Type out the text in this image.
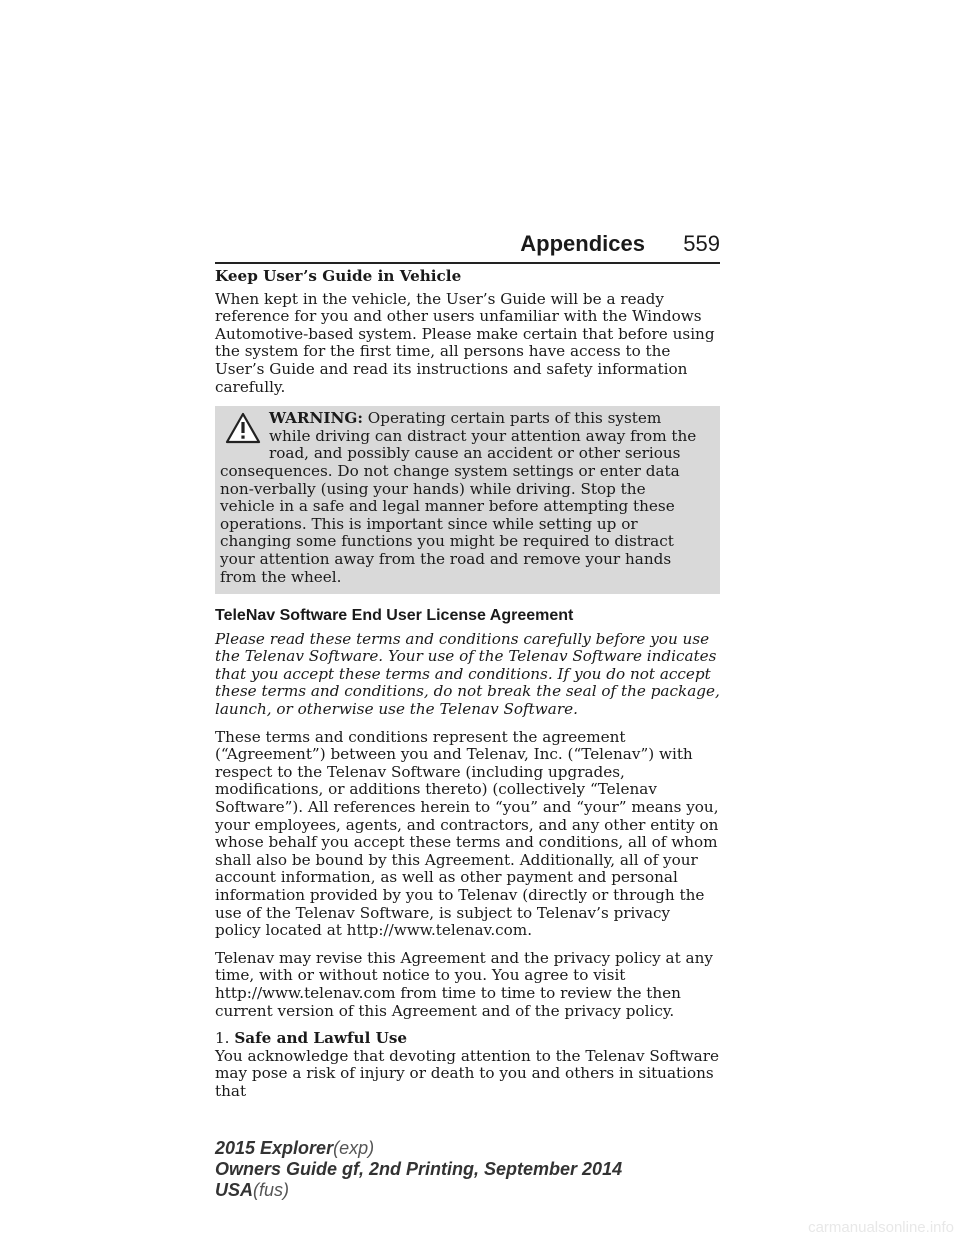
Appendices 559

Keep User’s Guide in Vehicle

When kept in the vehicle, the User’s Guide will be a ready reference for you and other users unfamiliar with the Windows Automotive-based system. Please make certain that before using the system for the first time, all persons have access to the User’s Guide and read its instructions and safety information carefully.

WARNING: Operating certain parts of this system while driving can distract your attention away from the road, and possibly cause an accident or other serious consequences. Do not change system settings or enter data non-verbally (using your hands) while driving. Stop the vehicle in a safe and legal manner before attempting these operations. This is important since while setting up or changing some functions you might be required to distract your attention away from the road and remove your hands from the wheel.

TeleNav Software End User License Agreement

Please read these terms and conditions carefully before you use the Telenav Software. Your use of the Telenav Software indicates that you accept these terms and conditions. If you do not accept these terms and conditions, do not break the seal of the package, launch, or otherwise use the Telenav Software.

These terms and conditions represent the agreement (“Agreement”) between you and Telenav, Inc. (“Telenav”) with respect to the Telenav Software (including upgrades, modifications, or additions thereto) (collectively “Telenav Software”). All references herein to “you” and “your” means you, your employees, agents, and contractors, and any other entity on whose behalf you accept these terms and conditions, all of whom shall also be bound by this Agreement. Additionally, all of your account information, as well as other payment and personal information provided by you to Telenav (directly or through the use of the Telenav Software, is subject to Telenav’s privacy policy located at http://www.telenav.com.

Telenav may revise this Agreement and the privacy policy at any time, with or without notice to you. You agree to visit http://www.telenav.com from time to time to review the then current version of this Agreement and of the privacy policy.

1. Safe and Lawful Use

You acknowledge that devoting attention to the Telenav Software may pose a risk of injury or death to you and others in situations that

2015 Explorer(exp)
Owners Guide gf, 2nd Printing, September 2014
USA(fus)
carmanualsonline.info
